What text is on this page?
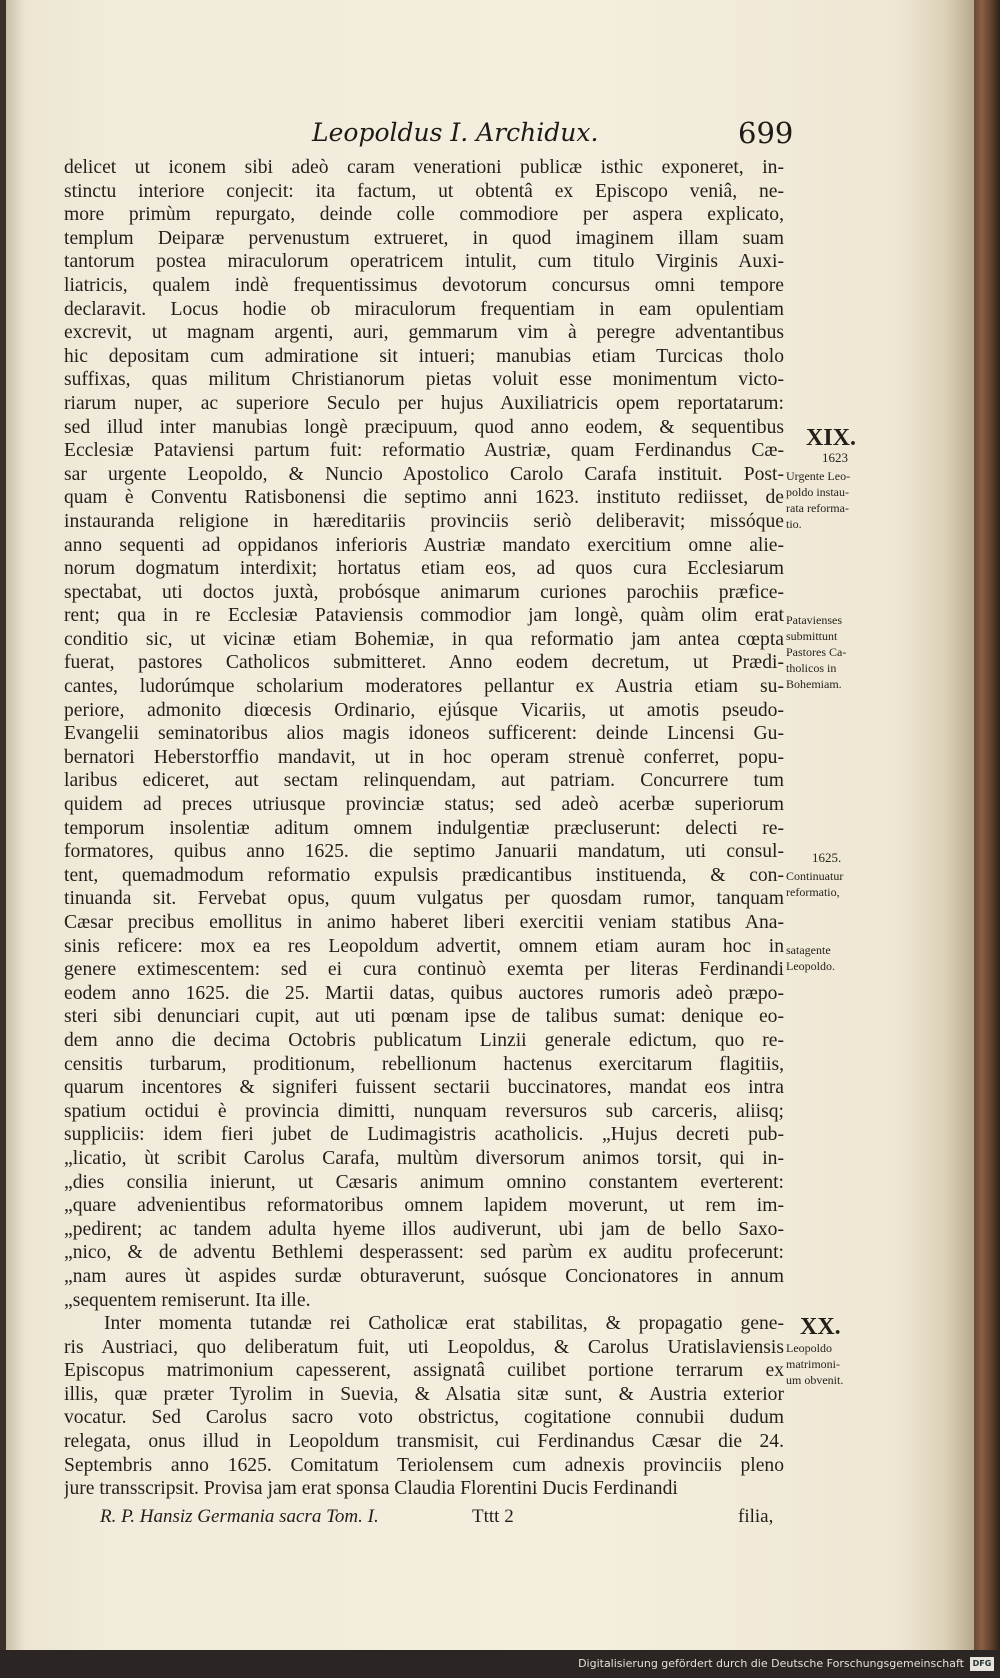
Leopoldus I. Archidux.	699
delicet ut iconem sibi adeò caram venerationi publicæ isthic exponeret, in-
stinctu interiore conjecit: ita factum, ut obtentâ ex Episcopo veniâ, ne-
more primùm repurgato, deinde colle commodiore per aspera explicato,
templum Deiparæ pervenustum extrueret, in quod imaginem illam suam
tantorum postea miraculorum operatricem intulit, cum titulo Virginis Auxi-
liatricis, qualem indè frequentissimus devotorum concursus omni tempore
declaravit. Locus hodie ob miraculorum frequentiam in eam opulentiam
excrevit, ut magnam argenti, auri, gemmarum vim à peregre adventantibus
hic depositam cum admiratione sit intueri; manubias etiam Turcicas tholo
suffixas, quas militum Christianorum pietas voluit esse monimentum victo-
riarum nuper, ac superiore Seculo per hujus Auxiliatricis opem reportatarum:
sed illud inter manubias longè præcipuum, quod anno eodem, & sequentibus
Ecclesiæ Pataviensi partum fuit: reformatio Austriæ, quam Ferdinandus Cæ-
sar urgente Leopoldo, & Nuncio Apostolico Carolo Carafa instituit. Post-
quam è Conventu Ratisbonensi die septimo anni 1623. instituto rediisset, de
instauranda religione in hæreditariis provinciis seriò deliberavit; missóque
anno sequenti ad oppidanos inferioris Austriæ mandato exercitium omne alie-
norum dogmatum interdixit; hortatus etiam eos, ad quos cura Ecclesiarum
spectabat, uti doctos juxtà, probósque animarum curiones parochiis præfice-
rent; qua in re Ecclesiæ Pataviensis commodior jam longè, quàm olim erat
conditio sic, ut vicinæ etiam Bohemiæ, in qua reformatio jam antea cœpta
fuerat, pastores Catholicos submitteret. Anno eodem decretum, ut Prædi-
cantes, ludorúmque scholarium moderatores pellantur ex Austria etiam su-
periore, admonito diœcesis Ordinario, ejúsque Vicariis, ut amotis pseudo-
Evangelii seminatoribus alios magis idoneos sufficerent: deinde Lincensi Gu-
bernatori Heberstorffio mandavit, ut in hoc operam strenuè conferret, popu-
laribus ediceret, aut sectam relinquendam, aut patriam. Concurrere tum
quidem ad preces utriusque provinciæ status; sed adeò acerbæ superiorum
temporum insolentiæ aditum omnem indulgentiæ præcluserunt: delecti re-
formatores, quibus anno 1625. die septimo Januarii mandatum, uti consul-
tent, quemadmodum reformatio expulsis prædicantibus instituenda, & con-
tinuanda sit. Fervebat opus, quum vulgatus per quosdam rumor, tanquam
Cæsar precibus emollitus in animo haberet liberi exercitii veniam statibus Ana-
sinis reficere: mox ea res Leopoldum advertit, omnem etiam auram hoc in
genere extimescentem: sed ei cura continuò exemta per literas Ferdinandi
eodem anno 1625. die 25. Martii datas, quibus auctores rumoris adeò præpo-
steri sibi denunciari cupit, aut uti pœnam ipse de talibus sumat: denique eo-
dem anno die decima Octobris publicatum Linzii generale edictum, quo re-
censitis turbarum, proditionum, rebellionum hactenus exercitarum flagitiis,
quarum incentores & signiferi fuissent sectarii buccinatores, mandat eos intra
spatium octidui è provincia dimitti, nunquam reversuros sub carceris, aliisq;
suppliciis: idem fieri jubet de Ludimagistris acatholicis. „Hujus decreti pub-
„licatio, ùt scribit Carolus Carafa, multùm diversorum animos torsit, qui in-
„dies consilia inierunt, ut Cæsaris animum omnino constantem everterent:
„quare advenientibus reformatoribus omnem lapidem moverunt, ut rem im-
„pedirent; ac tandem adulta hyeme illos audiverunt, ubi jam de bello Saxo-
„nico, & de adventu Bethlemi desperassent: sed parùm ex auditu profecerunt:
„nam aures ùt aspides surdæ obturaverunt, suósque Concionatores in annum
„sequentem remiserunt. Ita ille.
Inter momenta tutandæ rei Catholicæ erat stabilitas, & propagatio gene-
ris Austriaci, quo deliberatum fuit, uti Leopoldus, & Carolus Uratislaviensis
Episcopus matrimonium capesserent, assignatâ cuilibet portione terrarum ex
illis, quæ præter Tyrolim in Suevia, & Alsatia sitæ sunt, & Austria exterior
vocatur. Sed Carolus sacro voto obstrictus, cogitatione connubii dudum
relegata, onus illud in Leopoldum transmisit, cui Ferdinandus Cæsar die 24.
Septembris anno 1625. Comitatum Teriolensem cum adnexis provinciis pleno
jure transscripsit. Provisa jam erat sponsa Claudia Florentini Ducis Ferdinandi
XIX.
1623
Urgente Leo-
poldo instau-
rata reforma-
tio.
Patavienses
submittunt
Pastores Ca-
tholicos in
Bohemiam.
1625.
Continuatur
reformatio,
satagente
Leopoldo.
XX.
Leopoldo
matrimoni-
um obvenit.
R. P. Hansiz Germania sacra Tom. I.	Tttt 2	filia,
Digitalisierung gefördert durch die Deutsche Forschungsgemeinschaft	DFG
